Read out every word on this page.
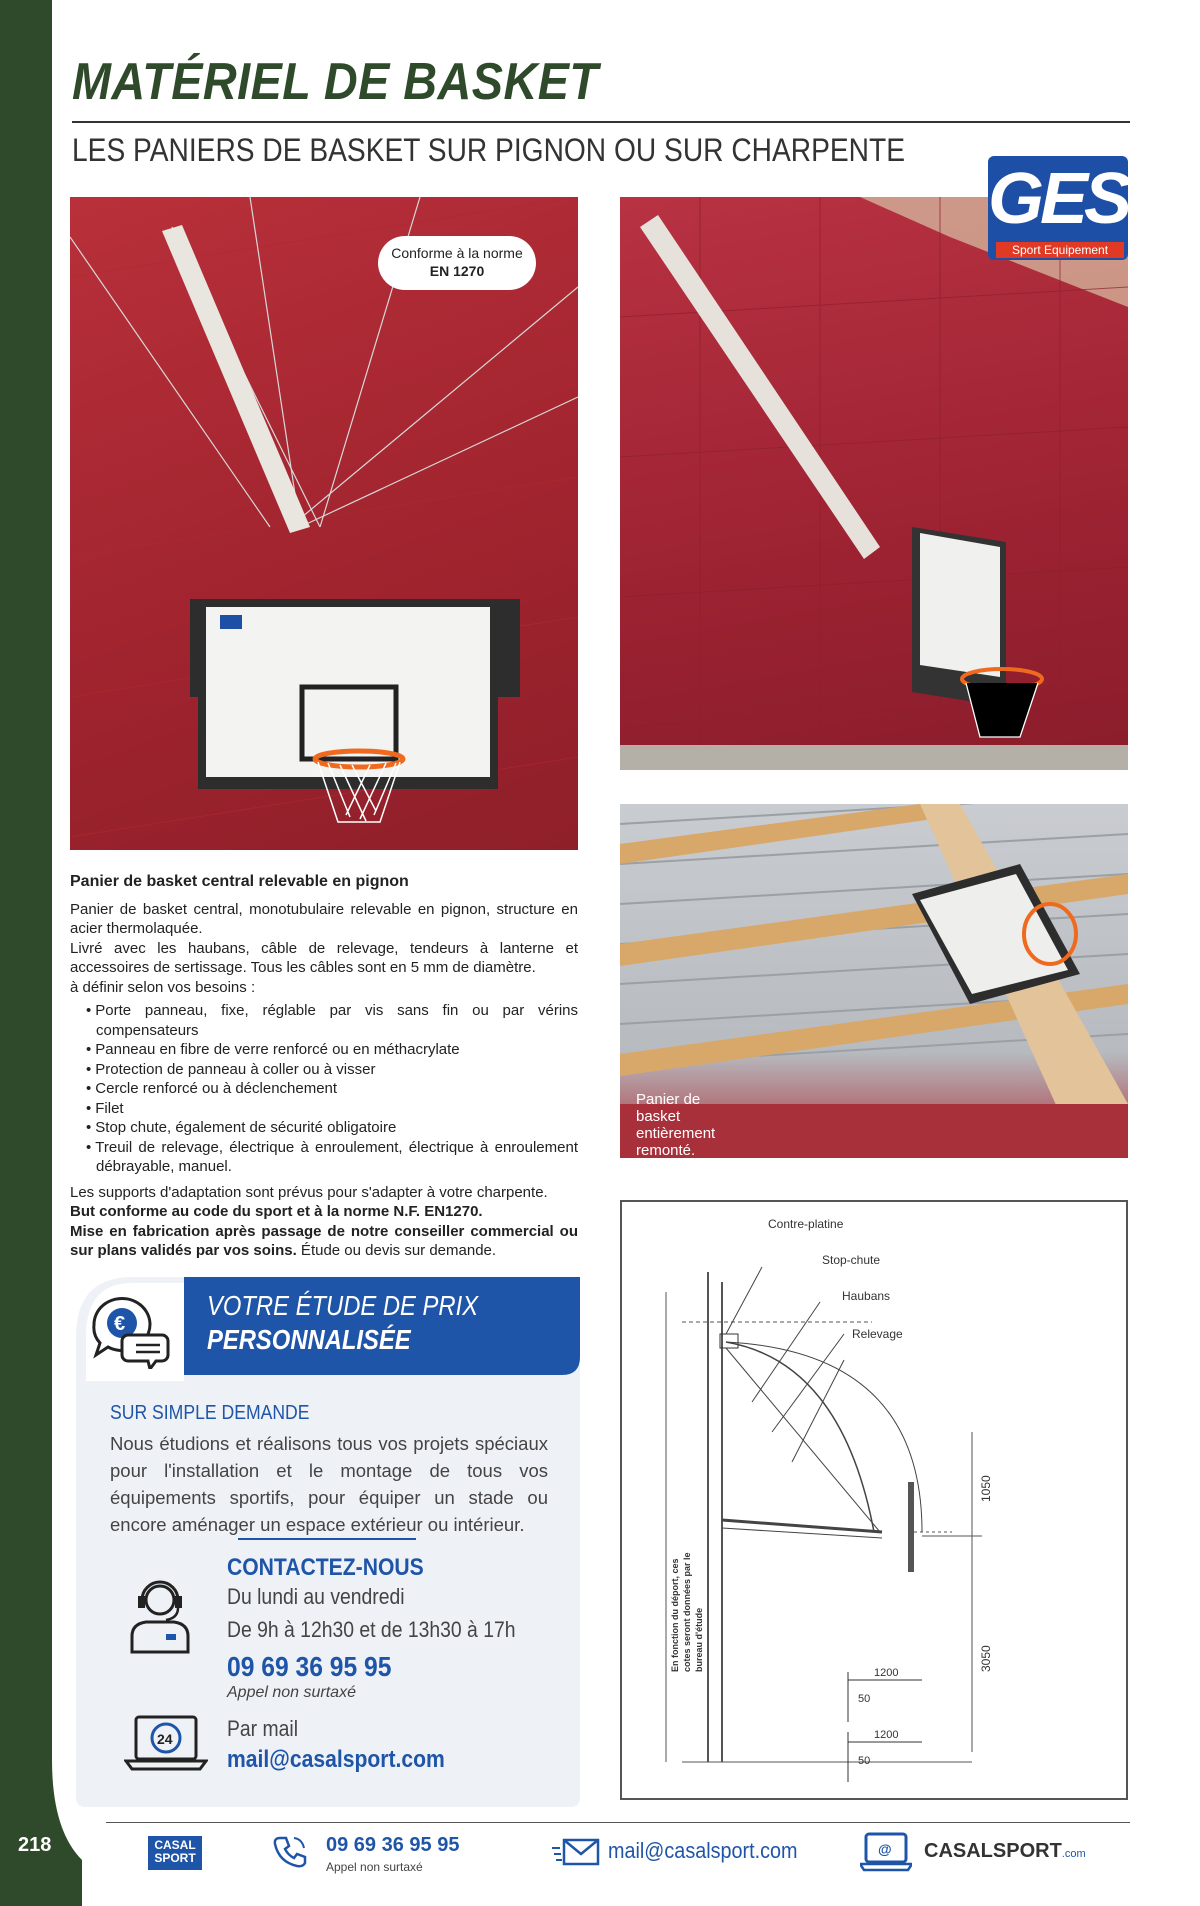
MATÉRIEL DE BASKET
LES PANIERS DE BASKET SUR PIGNON OU SUR CHARPENTE
Conforme à la norme
EN 1270
GES
Sport Equipement
Panier de basket entièrement remonté.
Contre-platine
Stop-chute
Haubans
Relevage
1050
3050
En fonction du déport, ces cotes seront données par le bureau d'étude
1200
50
1200
50
Panier de basket central relevable en pignon

Panier de basket central, monotubulaire relevable en pignon, structure en acier thermolaquée.

Livré avec les haubans, câble de relevage, tendeurs à lanterne et accessoires de sertissage. Tous les câbles sont en 5 mm de diamètre.

à définir selon vos besoins :

• Porte panneau, fixe, réglable par vis sans fin ou par vérins compensateurs
• Panneau en fibre de verre renforcé ou en méthacrylate
• Protection de panneau à coller ou à visser
• Cercle renforcé ou à déclenchement
• Filet
• Stop chute, également de sécurité obligatoire
• Treuil de relevage, électrique à enroulement, électrique à enroulement débrayable, manuel.

Les supports d'adaptation sont prévus pour s'adapter à votre charpente.

But conforme au code du sport et à la norme N.F. EN1270.

Mise en fabrication après passage de notre conseiller commercial ou sur plans validés par vos soins. Étude ou devis sur demande.

€
VOTRE ÉTUDE DE PRIX
PERSONNALISÉE
SUR SIMPLE DEMANDE
Nous étudions et réalisons tous vos projets spéciaux pour l'installation et le montage de tous vos équipements sportifs, pour équiper un stade ou encore aménager un espace extérieur ou intérieur.
CONTACTEZ-NOUS
Du lundi au vendredi
De 9h à 12h30 et de 13h30 à 17h
09 69 36 95 95
Appel non surtaxé
24 Par mail
mail@casalsport.com
218	CASAL
SPORT
09 69 36 95 95
Appel non surtaxé
mail@casalsport.com	@ CASALSPORT.com
